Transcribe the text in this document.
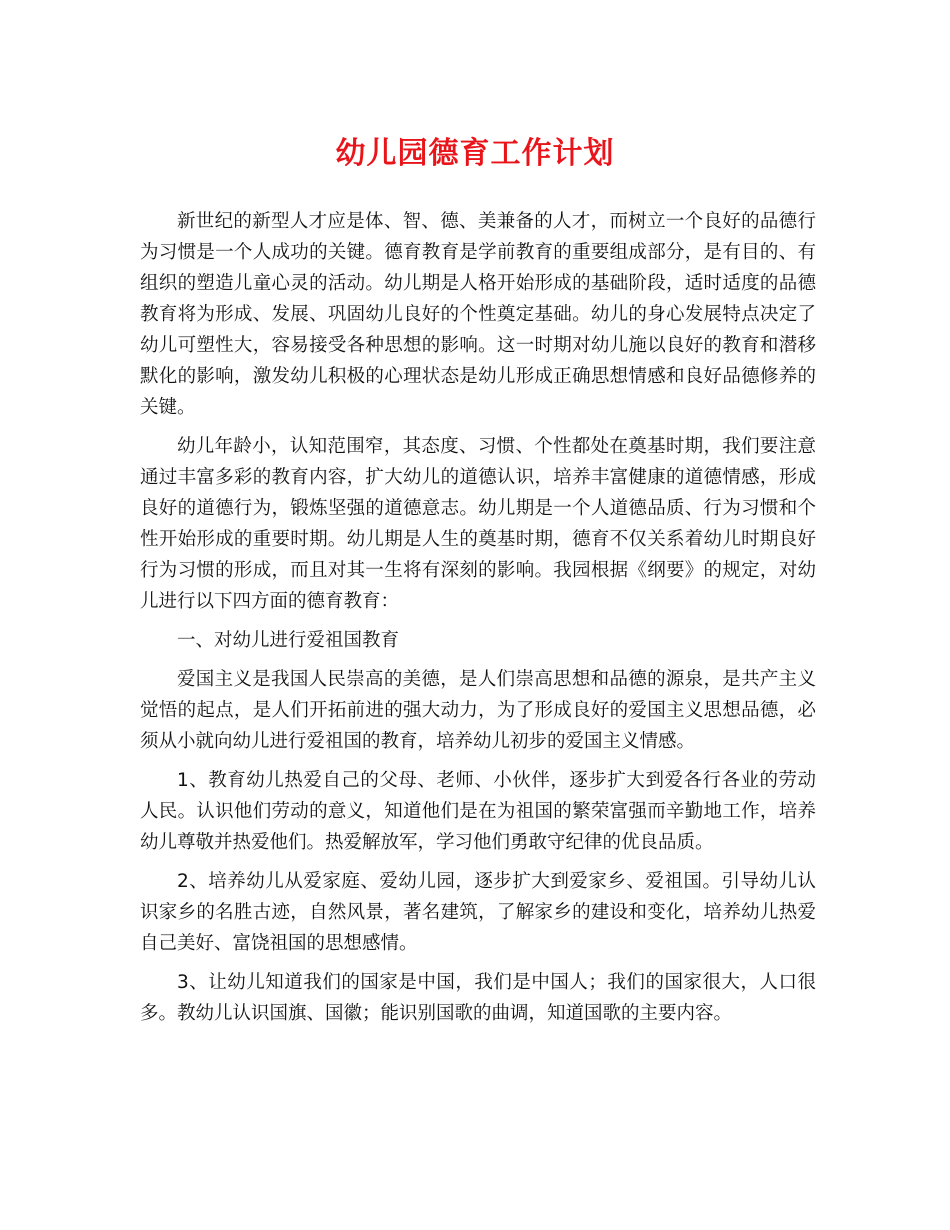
幼儿园德育工作计划

新世纪的新型人才应是体、智、德、美兼备的人才，而树立一个良好的品德行为习惯是一个人成功的关键。德育教育是学前教育的重要组成部分，是有目的、有组织的塑造儿童心灵的活动。幼儿期是人格开始形成的基础阶段，适时适度的品德教育将为形成、发展、巩固幼儿良好的个性奠定基础。幼儿的身心发展特点决定了幼儿可塑性大，容易接受各种思想的影响。这一时期对幼儿施以良好的教育和潜移默化的影响，激发幼儿积极的心理状态是幼儿形成正确思想情感和良好品德修养的关键。

幼儿年龄小，认知范围窄，其态度、习惯、个性都处在奠基时期，我们要注意通过丰富多彩的教育内容，扩大幼儿的道德认识，培养丰富健康的道德情感，形成良好的道德行为，锻炼坚强的道德意志。幼儿期是一个人道德品质、行为习惯和个性开始形成的重要时期。幼儿期是人生的奠基时期，德育不仅关系着幼儿时期良好行为习惯的形成，而且对其一生将有深刻的影响。我园根据《纲要》的规定，对幼儿进行以下四方面的德育教育：

一、对幼儿进行爱祖国教育

爱国主义是我国人民崇高的美德，是人们崇高思想和品德的源泉，是共产主义觉悟的起点，是人们开拓前进的强大动力，为了形成良好的爱国主义思想品德，必须从小就向幼儿进行爱祖国的教育，培养幼儿初步的爱国主义情感。

1、教育幼儿热爱自己的父母、老师、小伙伴，逐步扩大到爱各行各业的劳动人民。认识他们劳动的意义，知道他们是在为祖国的繁荣富强而辛勤地工作，培养幼儿尊敬并热爱他们。热爱解放军，学习他们勇敢守纪律的优良品质。

2、培养幼儿从爱家庭、爱幼儿园，逐步扩大到爱家乡、爱祖国。引导幼儿认识家乡的名胜古迹，自然风景，著名建筑，了解家乡的建设和变化，培养幼儿热爱自己美好、富饶祖国的思想感情。

3、让幼儿知道我们的国家是中国，我们是中国人；我们的国家很大，人口很多。教幼儿认识国旗、国徽；能识别国歌的曲调，知道国歌的主要内容。
